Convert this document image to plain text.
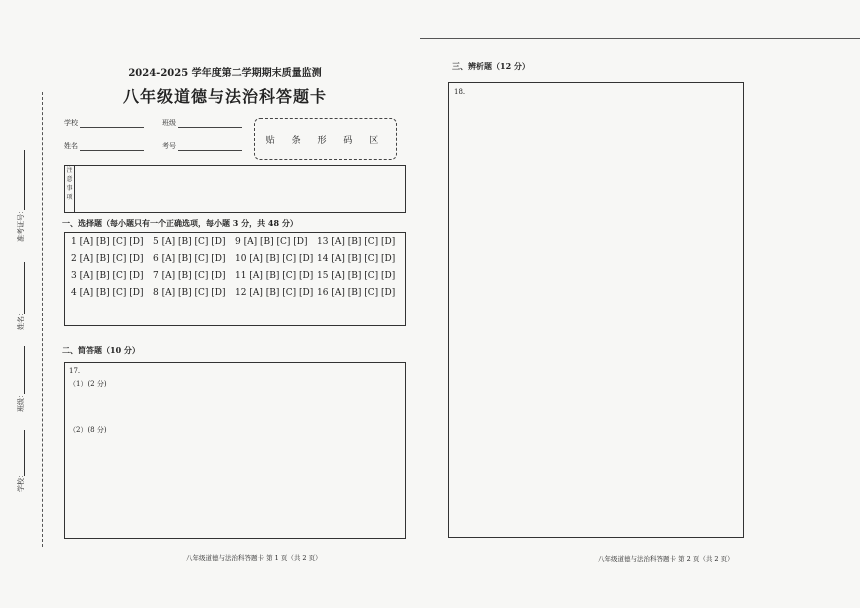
准考证号：
姓名：
班级：
学校：
2024-2025 学年度第二学期期末质量监测
八年级道德与法治科答题卡
学校	班级
姓名	考号
贴 条 形 码 区
注意事项
一、选择题（每小题只有一个正确选项，每小题 3 分，共 48 分）
1 [A] [B] [C] [D]	5 [A] [B] [C] [D]	9 [A] [B] [C] [D]	13 [A] [B] [C] [D]
2 [A] [B] [C] [D]	6 [A] [B] [C] [D]	10 [A] [B] [C] [D] 14 [A] [B] [C] [D]
3 [A] [B] [C] [D]	7 [A] [B] [C] [D]	11 [A] [B] [C] [D] 15 [A] [B] [C] [D]
4 [A] [B] [C] [D]	8 [A] [B] [C] [D]	12 [A] [B] [C] [D] 16 [A] [B] [C] [D]
二、简答题（10 分）
17.
（1）(2 分)
（2）(8 分)
三、辨析题（12 分）
18.
八年级道德与法治科答题卡 第 1 页（共 2 页）	八年级道德与法治科答题卡 第 2 页（共 2 页）
